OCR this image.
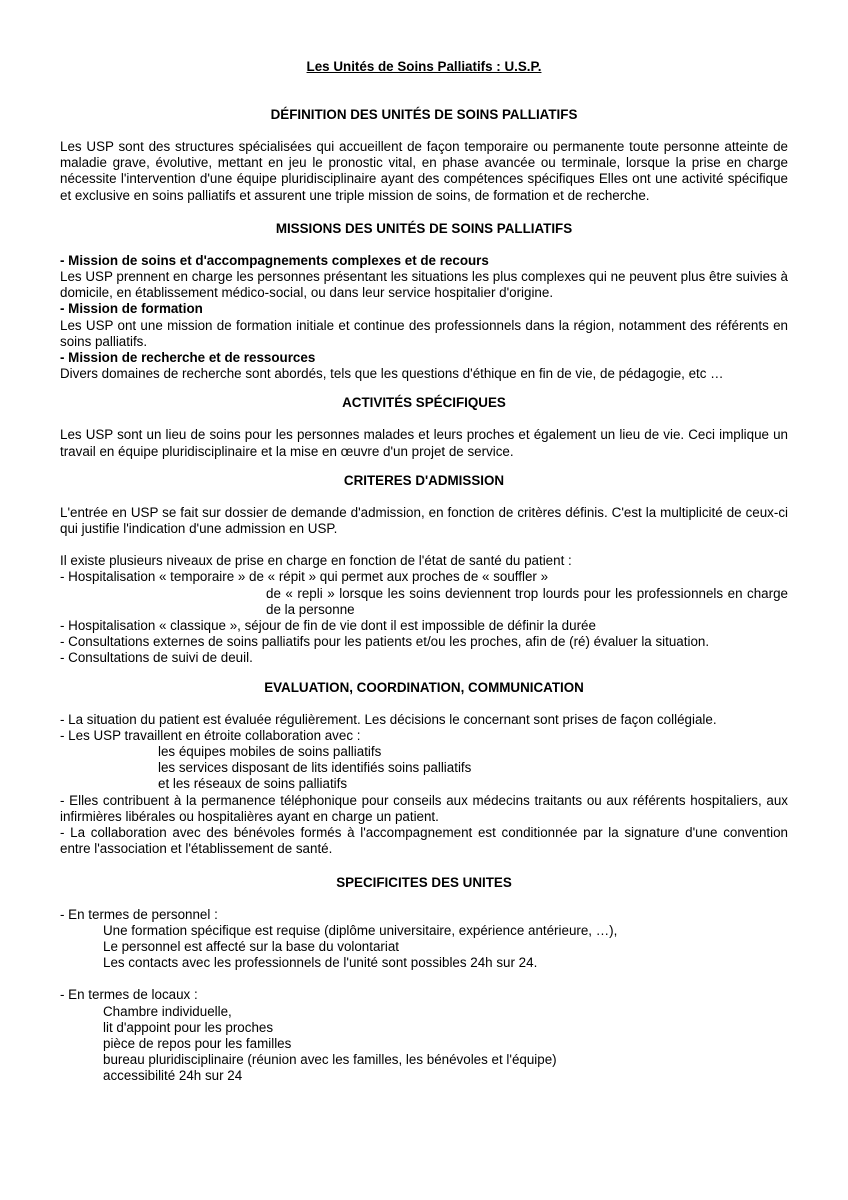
Les Unités de Soins Palliatifs : U.S.P.

DÉFINITION DES UNITÉS DE SOINS PALLIATIFS

Les USP sont des structures spécialisées qui accueillent de façon temporaire ou permanente toute personne atteinte de maladie grave, évolutive, mettant en jeu le pronostic vital, en phase avancée ou terminale, lorsque la prise en charge nécessite l'intervention d'une équipe pluridisciplinaire ayant des compétences spécifiques Elles ont une activité spécifique et exclusive en soins palliatifs et assurent une triple mission de soins, de formation et de recherche.

MISSIONS DES UNITÉS DE SOINS PALLIATIFS

- Mission de soins et d'accompagnements complexes et de recours

Les USP prennent en charge les personnes présentant les situations les plus complexes qui ne peuvent plus être suivies à domicile, en établissement médico-social, ou dans leur service hospitalier d'origine.

- Mission de formation

Les USP ont une mission de formation initiale et continue des professionnels dans la région, notamment des référents en soins palliatifs.

- Mission de recherche et de ressources

Divers domaines de recherche sont abordés, tels que les questions d'éthique en fin de vie, de pédagogie, etc …

ACTIVITÉS SPÉCIFIQUES

Les USP sont un lieu de soins pour les personnes malades et leurs proches et également un lieu de vie. Ceci implique un travail en équipe pluridisciplinaire et la mise en œuvre d'un projet de service.

CRITERES D'ADMISSION

L'entrée en USP se fait sur dossier de demande d'admission, en fonction de critères définis. C'est la multiplicité de ceux-ci qui justifie l'indication d'une admission en USP.

Il existe plusieurs niveaux de prise en charge en fonction de l'état de santé du patient :

- Hospitalisation « temporaire » de « répit » qui permet aux proches de « souffler »

de « repli » lorsque les soins deviennent trop lourds pour les professionnels en charge de la personne

- Hospitalisation « classique », séjour de fin de vie dont il est impossible de définir la durée

- Consultations externes de soins palliatifs pour les patients et/ou les proches, afin de (ré) évaluer la situation.

- Consultations de suivi de deuil.

EVALUATION, COORDINATION, COMMUNICATION

- La situation du patient est évaluée régulièrement. Les décisions le concernant sont prises de façon collégiale.

- Les USP travaillent en étroite collaboration avec :

les équipes mobiles de soins palliatifs

les services disposant de lits identifiés soins palliatifs

et les réseaux de soins palliatifs

- Elles contribuent à la permanence téléphonique pour conseils aux médecins traitants ou aux référents hospitaliers, aux infirmières libérales ou hospitalières ayant en charge un patient.

- La collaboration avec des bénévoles formés à l'accompagnement est conditionnée par la signature d'une convention entre l'association et l'établissement de santé.

SPECIFICITES DES UNITES

- En termes de personnel :

Une formation spécifique est requise (diplôme universitaire, expérience antérieure, …),

Le personnel est affecté sur la base du volontariat

Les contacts avec les professionnels de l'unité sont possibles 24h sur 24.

- En termes de locaux :

Chambre individuelle,

lit d'appoint pour les proches

pièce de repos pour les familles

bureau pluridisciplinaire (réunion avec les familles, les bénévoles et l'équipe)

accessibilité 24h sur 24
